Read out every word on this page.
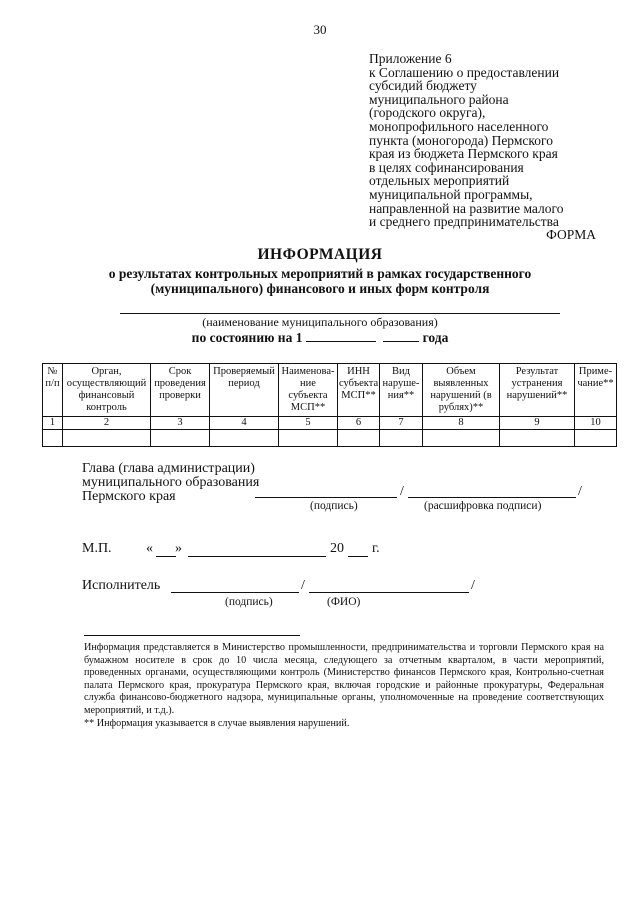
30
Приложение 6
к Соглашению о предоставлении
субсидий бюджету
муниципального района
(городского округа),
монопрофильного населенного
пункта (моногорода) Пермского
края из бюджета Пермского края
в целях софинансирования
отдельных мероприятий
муниципальной программы,
направленной на развитие малого
и среднего предпринимательства
ФОРМА
ИНФОРМАЦИЯ
о результатах контрольных мероприятий в рамках государственного
(муниципального) финансового и иных форм контроля
(наименование муниципального образования)
по состоянию на 1	года
№ п/п	Орган, осуществляющий финансовый контроль	Срок проведения проверки	Проверяемый период	Наименова-ние субъекта МСП**	ИНН субъекта МСП**	Вид наруше-ния**	Объем выявленных нарушений (в рублях)**	Результат устранения нарушений**	Приме-чание**
1	2	3	4	5	6	7	8	9	10

Глава (глава администрации)
муниципального образования
Пермского края	/	/
(подпись)	(расшифровка подписи)
М.П. « »	20 г.
Исполнитель	/	/
(подпись)	(ФИО)

Информация представляется в Министерство промышленности, предпринимательства и торговли Пермского края на бумажном носителе в срок до 10 числа месяца, следующего за отчетным кварталом, в части мероприятий, проведенных органами, осуществляющими контроль (Министерство финансов Пермского края, Контрольно-счетная палата Пермского края, прокуратура Пермского края, включая городские и районные прокуратуры, Федеральная служба финансово-бюджетного надзора, муниципальные органы, уполномоченные на проведение соответствующих мероприятий, и т.д.).

** Информация указывается в случае выявления нарушений.
